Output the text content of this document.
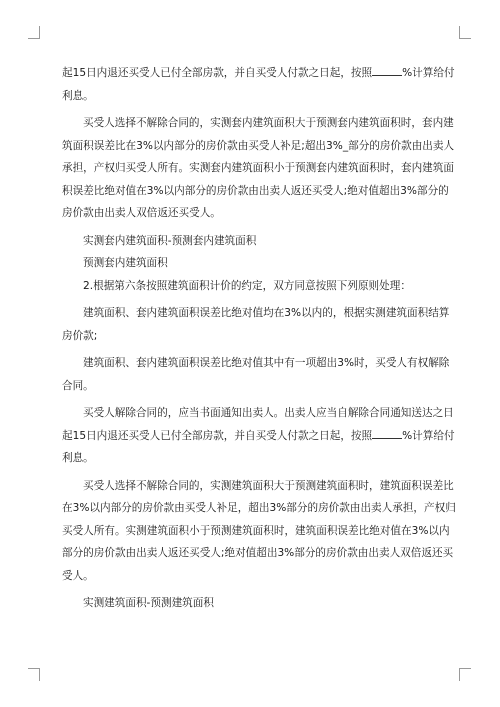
起15日内退还买受人已付全部房款，并自买受人付款之日起，按照	%计算给付
利息。
买受人选择不解除合同的，实测套内建筑面积大于预测套内建筑面积时，套内建
筑面积误差比在3%以内部分的房价款由买受人补足;超出3%_部分的房价款由出卖人
承担，产权归买受人所有。实测套内建筑面积小于预测套内建筑面积时，套内建筑面
积误差比绝对值在3%以内部分的房价款由出卖人返还买受人;绝对值超出3%部分的
房价款由出卖人双倍返还买受人。
实测套内建筑面积-预测套内建筑面积
预测套内建筑面积
2.根据第六条按照建筑面积计价的约定，双方同意按照下列原则处理：
建筑面积、套内建筑面积误差比绝对值均在3%以内的，根据实测建筑面积结算
房价款;
建筑面积、套内建筑面积误差比绝对值其中有一项超出3%时，买受人有权解除
合同。
买受人解除合同的，应当书面通知出卖人。出卖人应当自解除合同通知送达之日
起15日内退还买受人已付全部房款，并自买受人付款之日起，按照	%计算给付
利息。
买受人选择不解除合同的，实测建筑面积大于预测建筑面积时，建筑面积误差比
在3%以内部分的房价款由买受人补足，超出3%部分的房价款由出卖人承担，产权归
买受人所有。实测建筑面积小于预测建筑面积时，建筑面积误差比绝对值在3%以内
部分的房价款由出卖人返还买受人;绝对值超出3%部分的房价款由出卖人双倍返还买
受人。
实测建筑面积-预测建筑面积
